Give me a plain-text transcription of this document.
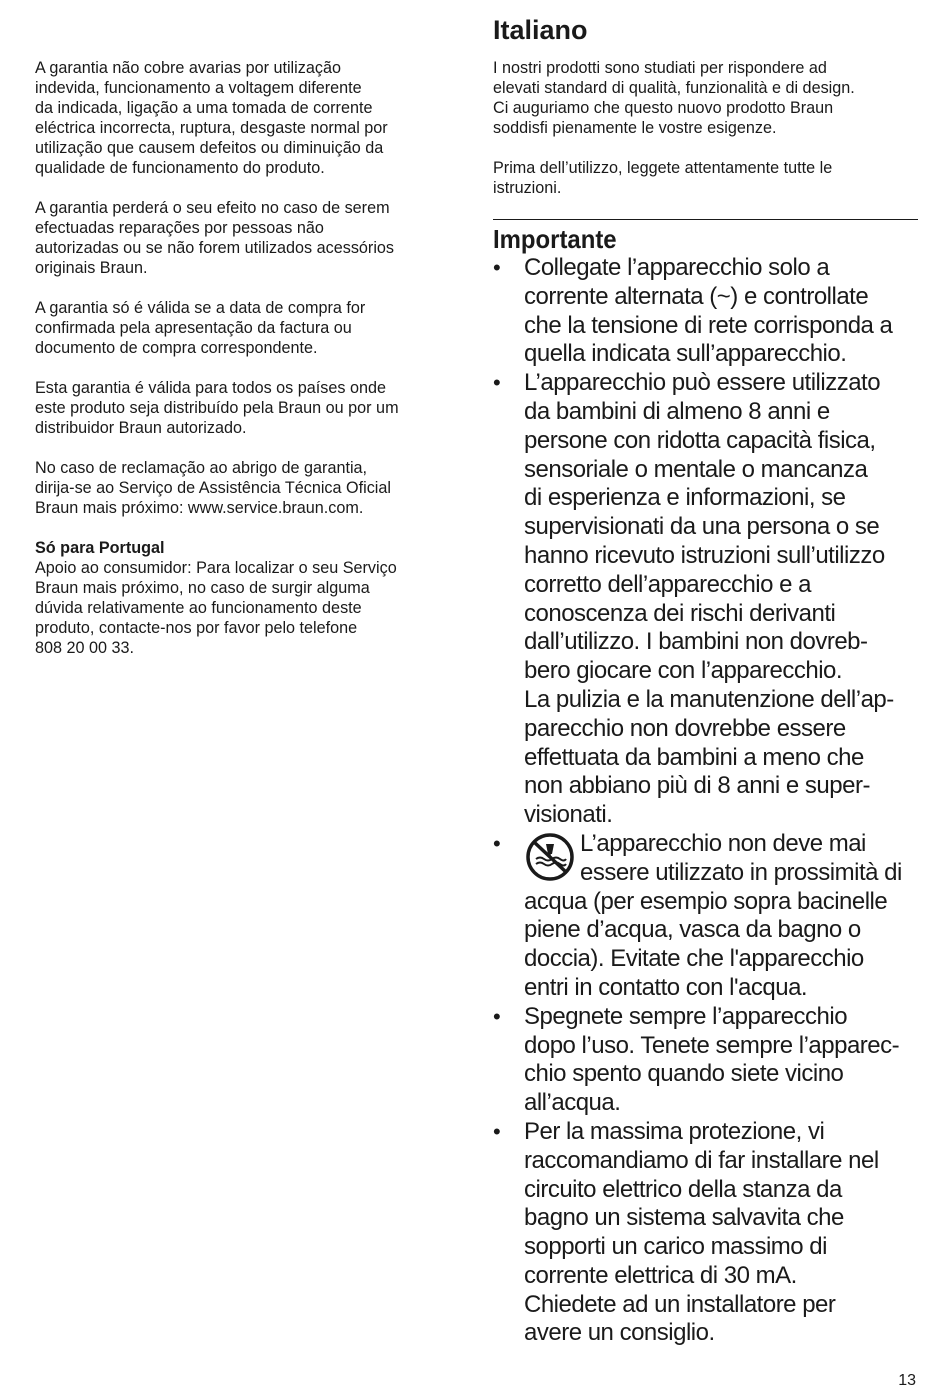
A garantia não cobre avarias por utilização
indevida, funcionamento a voltagem diferente
da indicada, ligação a uma tomada de corrente
eléctrica incorrecta, ruptura, desgaste normal por
utilização que causem defeitos ou diminuição da
qualidade de funcionamento do produto.

A garantia perderá o seu efeito no caso de serem
efectuadas reparações por pessoas não
autorizadas ou se não forem utilizados acessórios
originais Braun.

A garantia só é válida se a data de compra for
confirmada pela apresentação da factura ou
documento de compra correspondente.

Esta garantia é válida para todos os países onde
este produto seja distribuído pela Braun ou por um
distribuidor Braun autorizado.

No caso de reclamação ao abrigo de garantia,
dirija-se ao Serviço de Assistência Técnica Oficial
Braun mais próximo: www.service.braun.com.

Só para Portugal

Apoio ao consumidor: Para localizar o seu Serviço
Braun mais próximo, no caso de surgir alguma
dúvida relativamente ao funcionamento deste
produto, contacte-nos por favor pelo telefone
808 20 00 33.

Italiano

I nostri prodotti sono studiati per rispondere ad
elevati standard di qualità, funzionalità e di design.
Ci auguriamo che questo nuovo prodotto Braun
soddisfi pienamente le vostre esigenze.

Prima dell’utilizzo, leggete attentamente tutte le
istruzioni.

Importante
• Collegate l’apparecchio solo a
corrente alternata (~) e controllate
che la tensione di rete corrisponda a
quella indicata sull’apparecchio.
• L’apparecchio può essere utilizzato
da bambini di almeno 8 anni e
persone con ridotta capacità fisica,
sensoriale o mentale o mancanza
di esperienza e informazioni, se
supervisionati da una persona o se
hanno ricevuto istruzioni sull’utilizzo
corretto dell’apparecchio e a
conoscenza dei rischi derivanti
dall’utilizzo. I bambini non dovreb-
bero giocare con l’apparecchio.
La pulizia e la manutenzione dell’ap-
parecchio non dovrebbe essere
effettuata da bambini a meno che
non abbiano più di 8 anni e super-
visionati.
•	L’apparecchio non deve mai
essere utilizzato in prossimità di
acqua (per esempio sopra bacinelle
piene d’acqua, vasca da bagno o
doccia). Evitate che l'apparecchio
entri in contatto con l'acqua.
• Spegnete sempre l’apparecchio
dopo l’uso. Tenete sempre l’apparec-
chio spento quando siete vicino
all’acqua.
• Per la massima protezione, vi
raccomandiamo di far installare nel
circuito elettrico della stanza da
bagno un sistema salvavita che
sopporti un carico massimo di
corrente elettrica di 30 mA.
Chiedete ad un installatore per
avere un consiglio.
13
